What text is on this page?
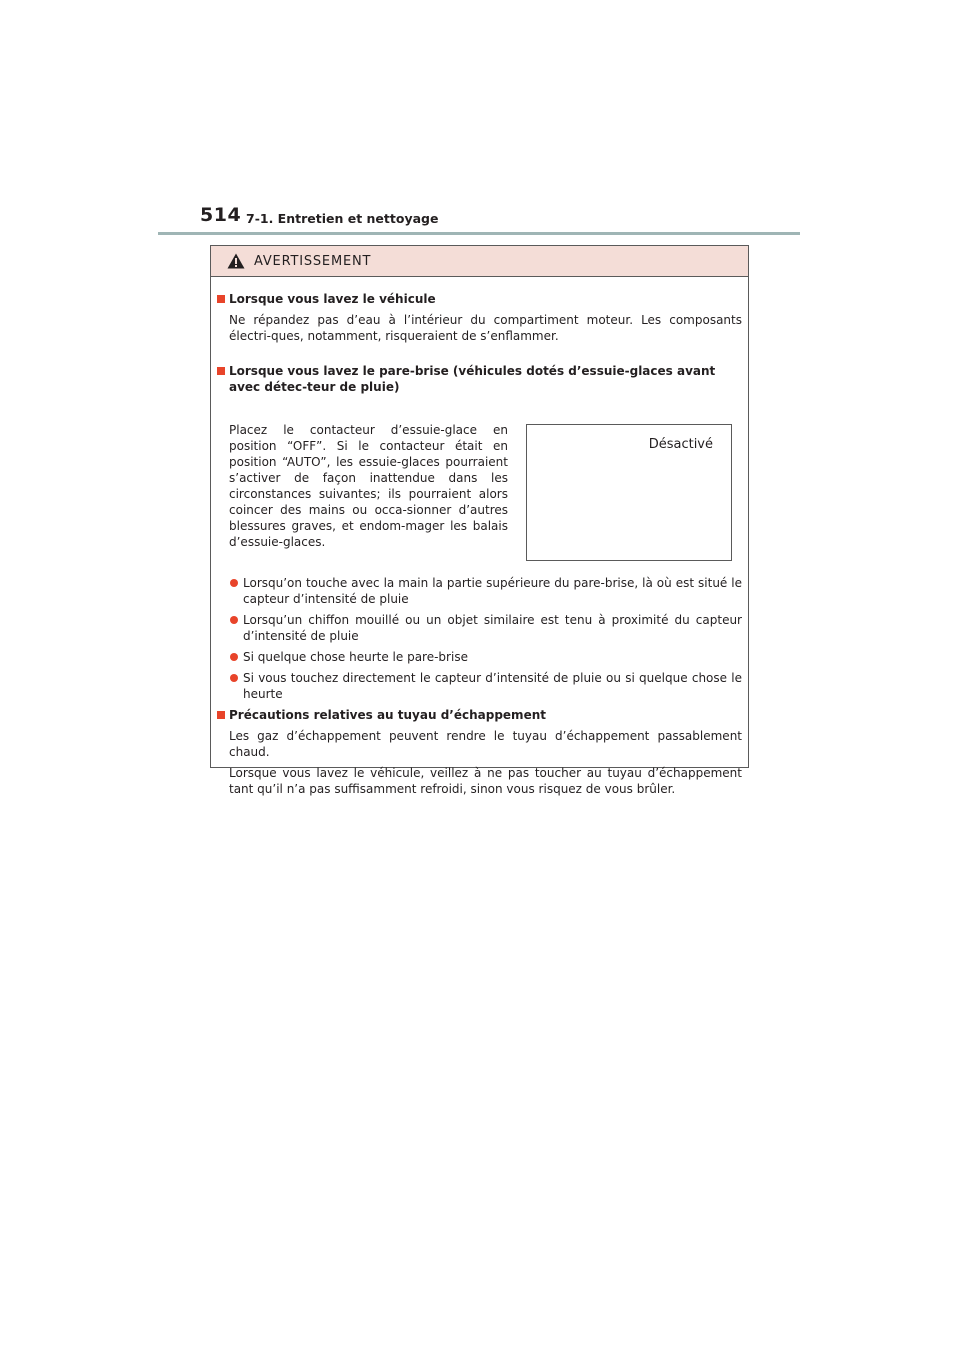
514 7-1. Entretien et nettoyage
AVERTISSEMENT
Lorsque vous lavez le véhicule
Ne répandez pas d’eau à l’intérieur du compartiment moteur. Les composants électri-ques, notamment, risqueraient de s’enflammer.
Lorsque vous lavez le pare-brise (véhicules dotés d’essuie-glaces avant avec détec-teur de pluie)
Placez le contacteur d’essuie-glace en position “OFF”. Si le contacteur était en position “AUTO”, les essuie-glaces pourraient s’activer de façon inattendue dans les circonstances suivantes; ils pourraient alors coincer des mains ou occa-sionner d’autres blessures graves, et endom-mager les balais d’essuie-glaces.
Désactivé
Lorsqu’on touche avec la main la partie supérieure du pare-brise, là où est situé le capteur d’intensité de pluie
Lorsqu’un chiffon mouillé ou un objet similaire est tenu à proximité du capteur d’intensité de pluie
Si quelque chose heurte le pare-brise
Si vous touchez directement le capteur d’intensité de pluie ou si quelque chose le heurte
Précautions relatives au tuyau d’échappement
Les gaz d’échappement peuvent rendre le tuyau d’échappement passablement chaud.
Lorsque vous lavez le véhicule, veillez à ne pas toucher au tuyau d’échappement tant qu’il n’a pas suffisamment refroidi, sinon vous risquez de vous brûler.
